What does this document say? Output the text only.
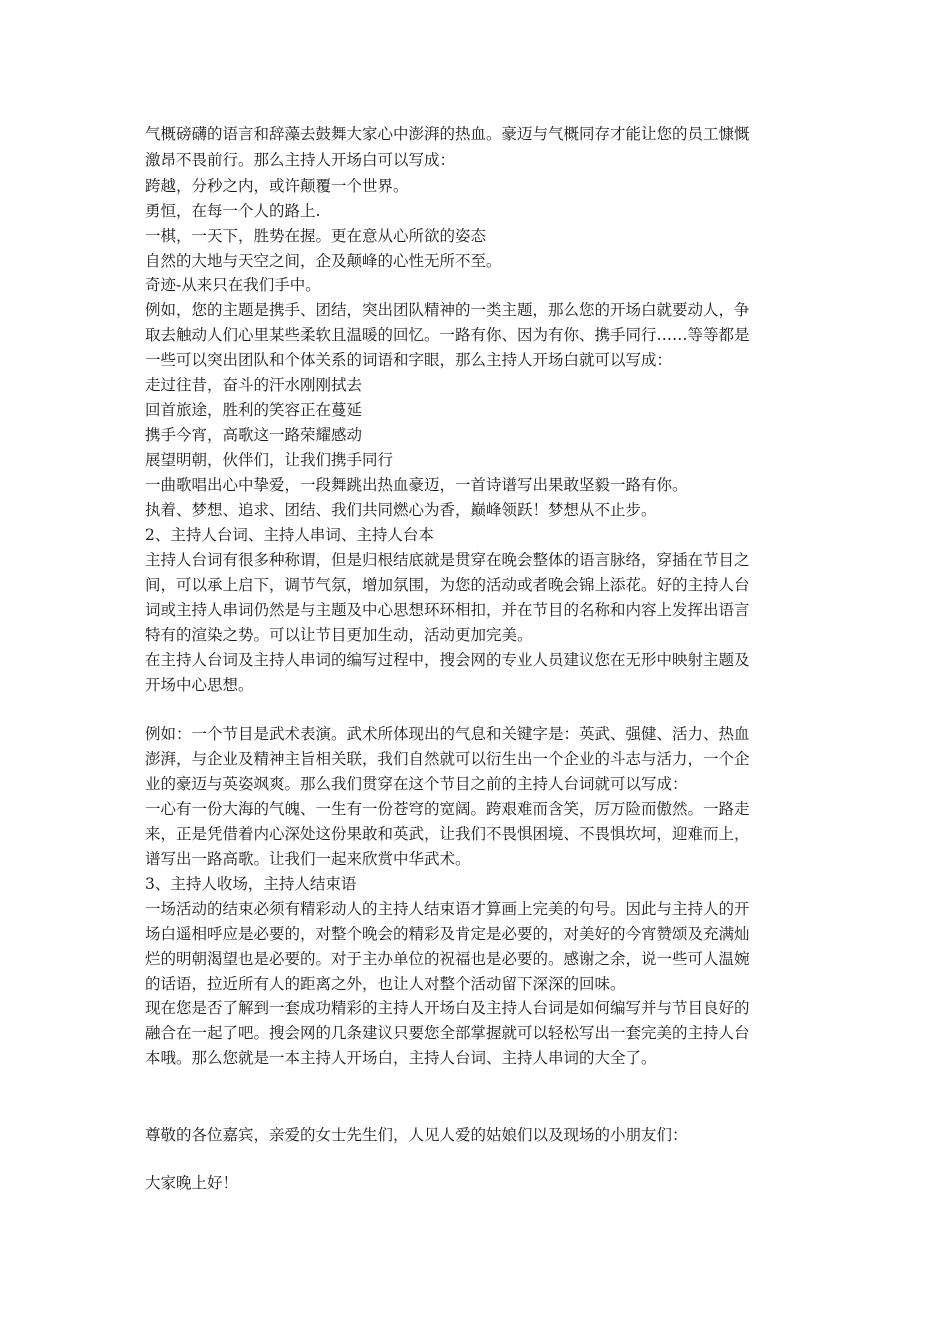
气概磅礴的语言和辞藻去鼓舞大家心中澎湃的热血。豪迈与气概同存才能让您的员工慷慨
激昂不畏前行。那么主持人开场白可以写成：
跨越，分秒之内，或许颠覆一个世界。
勇恒，在每一个人的路上.
一棋，一天下，胜势在握。更在意从心所欲的姿态
自然的大地与天空之间，企及颠峰的心性无所不至。
奇迹-从来只在我们手中。
例如，您的主题是携手、团结，突出团队精神的一类主题，那么您的开场白就要动人，争
取去触动人们心里某些柔软且温暖的回忆。一路有你、因为有你、携手同行……等等都是
一些可以突出团队和个体关系的词语和字眼，那么主持人开场白就可以写成：
走过往昔，奋斗的汗水刚刚拭去
回首旅途，胜利的笑容正在蔓延
携手今宵，高歌这一路荣耀感动
展望明朝，伙伴们，让我们携手同行
一曲歌唱出心中挚爱，一段舞跳出热血豪迈，一首诗谱写出果敢坚毅一路有你。
执着、梦想、追求、团结、我们共同燃心为香，巅峰领跃！梦想从不止步。
2、主持人台词、主持人串词、主持人台本
主持人台词有很多种称谓，但是归根结底就是贯穿在晚会整体的语言脉络，穿插在节目之
间，可以承上启下，调节气氛，增加氛围，为您的活动或者晚会锦上添花。好的主持人台
词或主持人串词仍然是与主题及中心思想环环相扣，并在节目的名称和内容上发挥出语言
特有的渲染之势。可以让节目更加生动，活动更加完美。
在主持人台词及主持人串词的编写过程中，搜会网的专业人员建议您在无形中映射主题及
开场中心思想。
例如：一个节目是武术表演。武术所体现出的气息和关键字是：英武、强健、活力、热血
澎湃，与企业及精神主旨相关联，我们自然就可以衍生出一个企业的斗志与活力，一个企
业的豪迈与英姿飒爽。那么我们贯穿在这个节目之前的主持人台词就可以写成：
一心有一份大海的气魄、一生有一份苍穹的宽阔。跨艰难而含笑，厉万险而傲然。一路走
来，正是凭借着内心深处这份果敢和英武，让我们不畏惧困境、不畏惧坎坷，迎难而上，
谱写出一路高歌。让我们一起来欣赏中华武术。
3、主持人收场，主持人结束语
一场活动的结束必须有精彩动人的主持人结束语才算画上完美的句号。因此与主持人的开
场白遥相呼应是必要的，对整个晚会的精彩及肯定是必要的，对美好的今宵赞颂及充满灿
烂的明朝渴望也是必要的。对于主办单位的祝福也是必要的。感谢之余，说一些可人温婉
的话语，拉近所有人的距离之外，也让人对整个活动留下深深的回味。
现在您是否了解到一套成功精彩的主持人开场白及主持人台词是如何编写并与节目良好的
融合在一起了吧。搜会网的几条建议只要您全部掌握就可以轻松写出一套完美的主持人台
本哦。那么您就是一本主持人开场白，主持人台词、主持人串词的大全了。
尊敬的各位嘉宾，亲爱的女士先生们，人见人爱的姑娘们以及现场的小朋友们：
大家晚上好！
